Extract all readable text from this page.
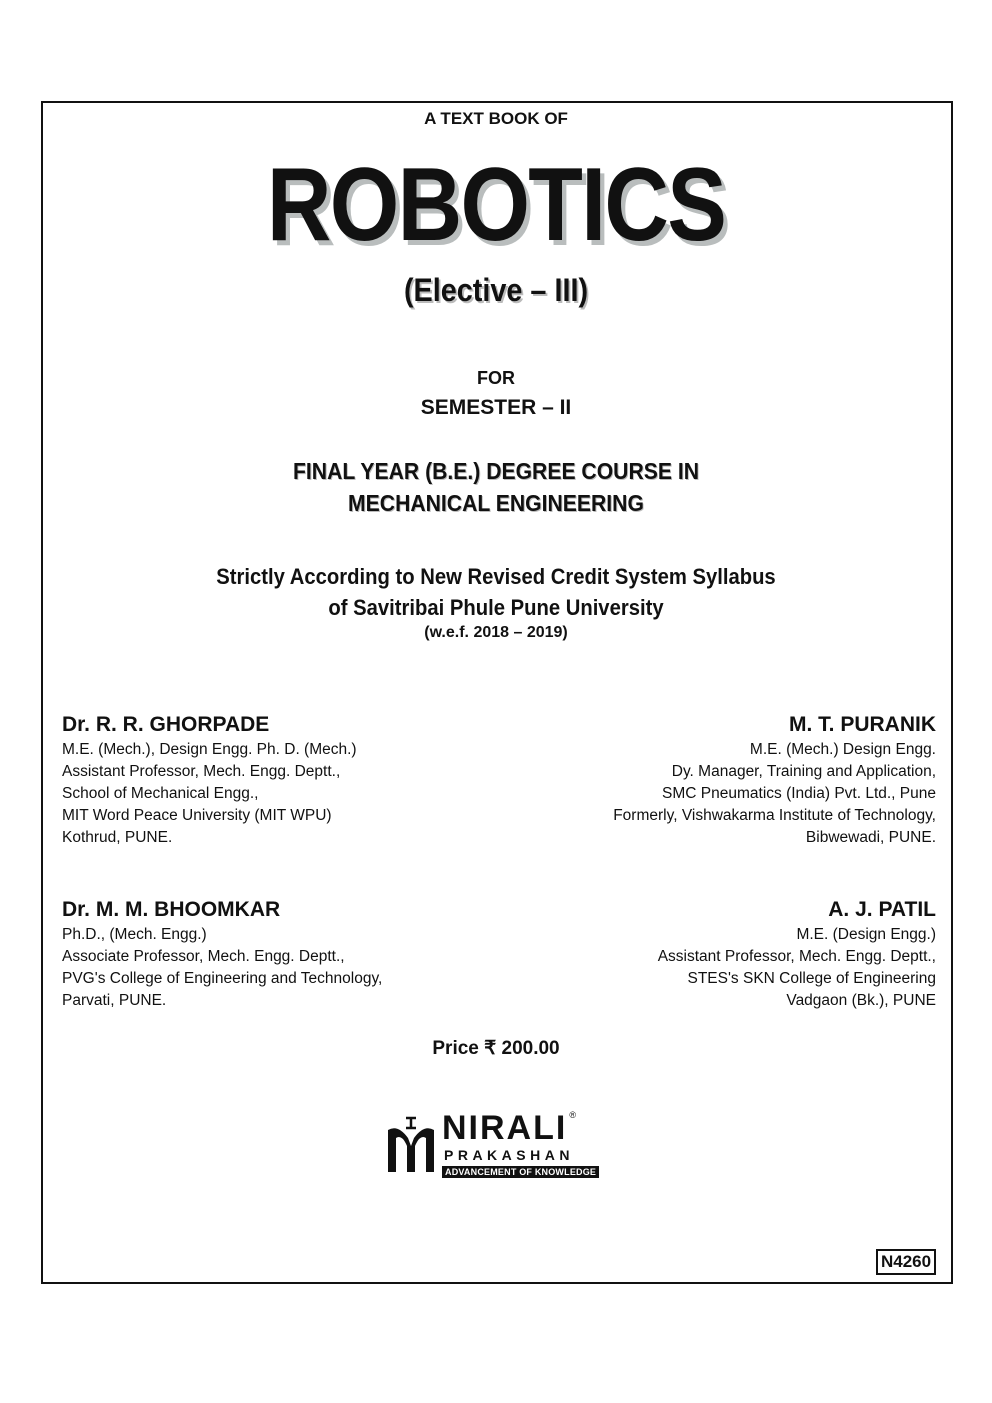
A TEXT BOOK OF
ROBOTICS
(Elective – III)
FOR
SEMESTER – II
FINAL YEAR (B.E.) DEGREE COURSE IN
MECHANICAL ENGINEERING
Strictly According to New Revised Credit System Syllabus
of Savitribai Phule Pune University
(w.e.f. 2018 – 2019)
Dr. R. R. GHORPADE
M.E. (Mech.), Design Engg. Ph. D. (Mech.)
Assistant Professor, Mech. Engg. Deptt.,
School of Mechanical Engg.,
MIT Word Peace University (MIT WPU)
Kothrud, PUNE.
M. T. PURANIK
M.E. (Mech.) Design Engg.
Dy. Manager, Training and Application,
SMC Pneumatics (India) Pvt. Ltd., Pune
Formerly, Vishwakarma Institute of Technology,
Bibwewadi, PUNE.
Dr. M. M. BHOOMKAR
Ph.D., (Mech. Engg.)
Associate Professor, Mech. Engg. Deptt.,
PVG's College of Engineering and Technology,
Parvati, PUNE.
A. J. PATIL
M.E. (Design Engg.)
Assistant Professor, Mech. Engg. Deptt.,
STES's SKN College of Engineering
Vadgaon (Bk.), PUNE
Price ₹ 200.00
NIRALI ®
PRAKASHAN
ADVANCEMENT OF KNOWLEDGE
N4260
